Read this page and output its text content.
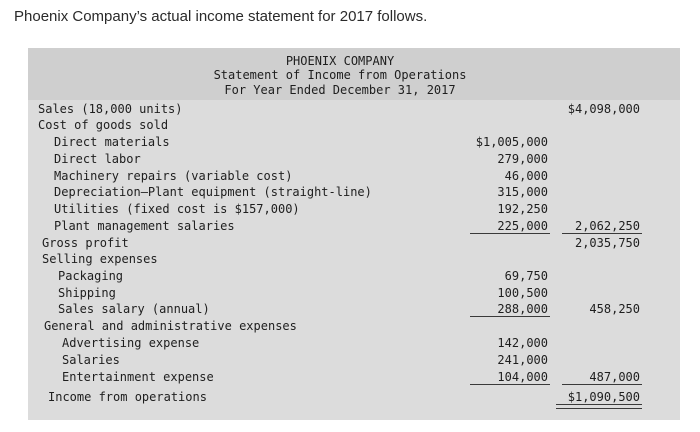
Phoenix Company’s actual income statement for 2017 follows.
PHOENIX COMPANY
Statement of Income from Operations
For Year Ended December 31, 2017
Sales (18,000 units)
Cost of goods sold
Direct materials
Direct labor
Machinery repairs (variable cost)
Depreciation—Plant equipment (straight-line)
Utilities (fixed cost is $157,000)
Plant management salaries
Gross profit
Selling expenses
Packaging
Shipping
Sales salary (annual)
General and administrative expenses
Advertising expense
Salaries
Entertainment expense
Income from operations
$1,005,000
279,000
46,000
315,000
192,250
225,000
69,750
100,500
288,000
142,000
241,000
104,000
$4,098,000
2,062,250
2,035,750
458,250
487,000
$1,090,500
